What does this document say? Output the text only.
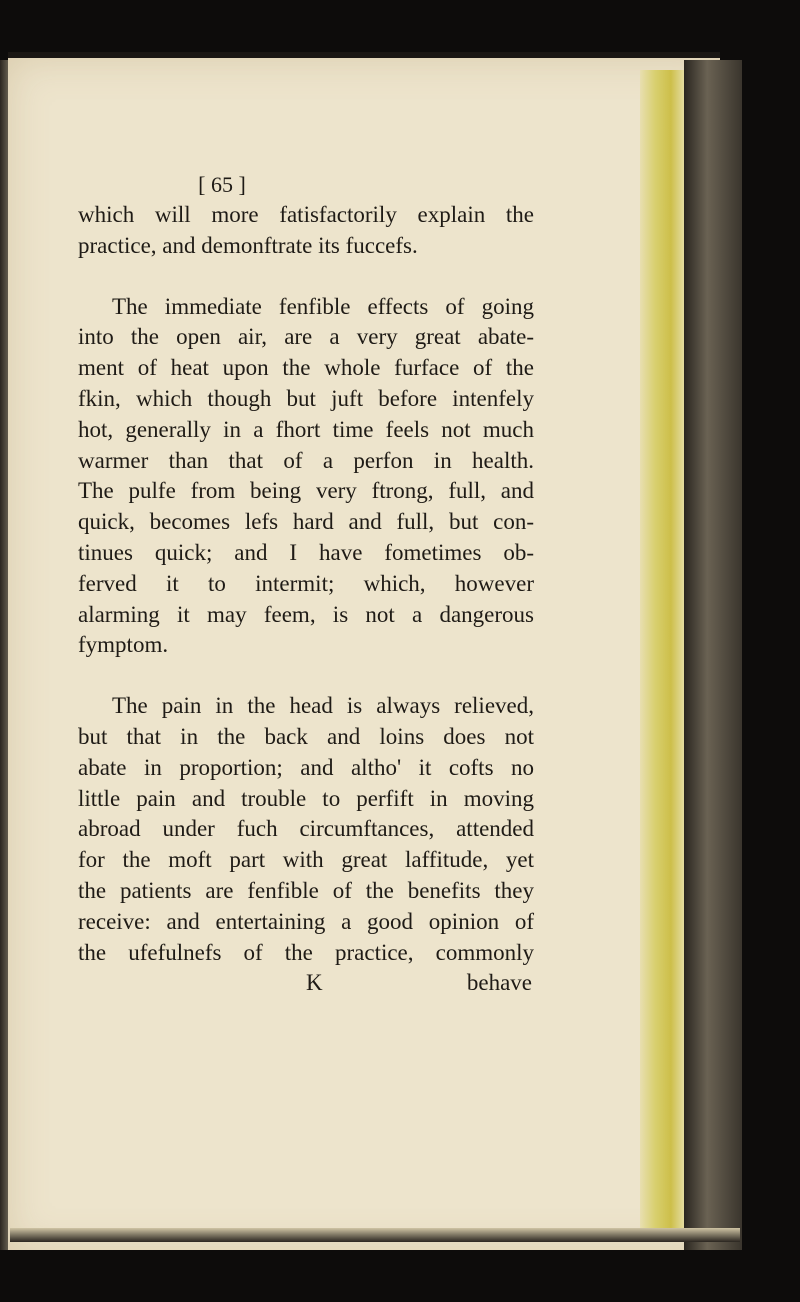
[ 65 ]
which will more fatisfactorily explain the
practice, and demonftrate its fuccefs.
The immediate fenfible effects of going
into the open air, are a very great abate-
ment of heat upon the whole furface of the
fkin, which though but juft before intenfely
hot, generally in a fhort time feels not much
warmer than that of a perfon in health.
The pulfe from being very ftrong, full, and
quick, becomes lefs hard and full, but con-
tinues quick; and I have fometimes ob-
ferved it to intermit; which, however
alarming it may feem, is not a dangerous
fymptom.
The pain in the head is always relieved,
but that in the back and loins does not
abate in proportion; and altho' it cofts no
little pain and trouble to perfift in moving
abroad under fuch circumftances, attended
for the moft part with great laffitude, yet
the patients are fenfible of the benefits they
receive: and entertaining a good opinion of
the ufefulnefs of the practice, commonly
K	behave
